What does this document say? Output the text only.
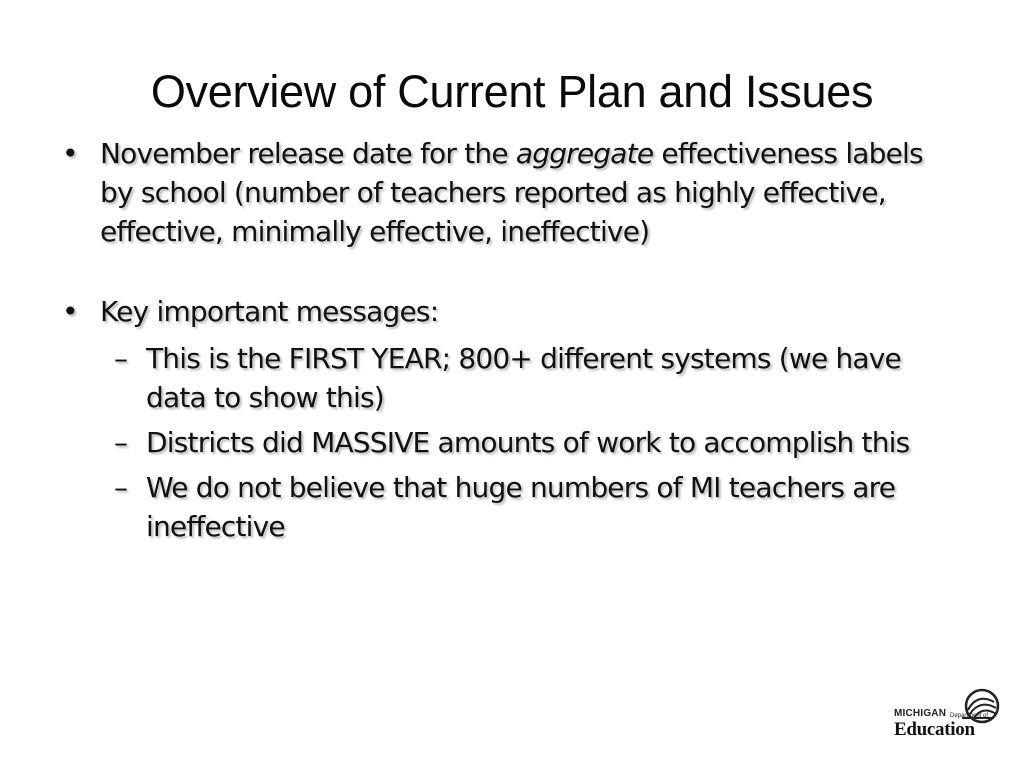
Overview of Current Plan and Issues
• November release date for the aggregate effectiveness labels by school (number of teachers reported as highly effective, effective, minimally effective, ineffective)
• Key important messages:
– This is the FIRST YEAR; 800+ different systems (we have data to show this)
– Districts did MASSIVE amounts of work to accomplish this
– We do not believe that huge numbers of MI teachers are ineffective
MICHIGAN Department of
Education
